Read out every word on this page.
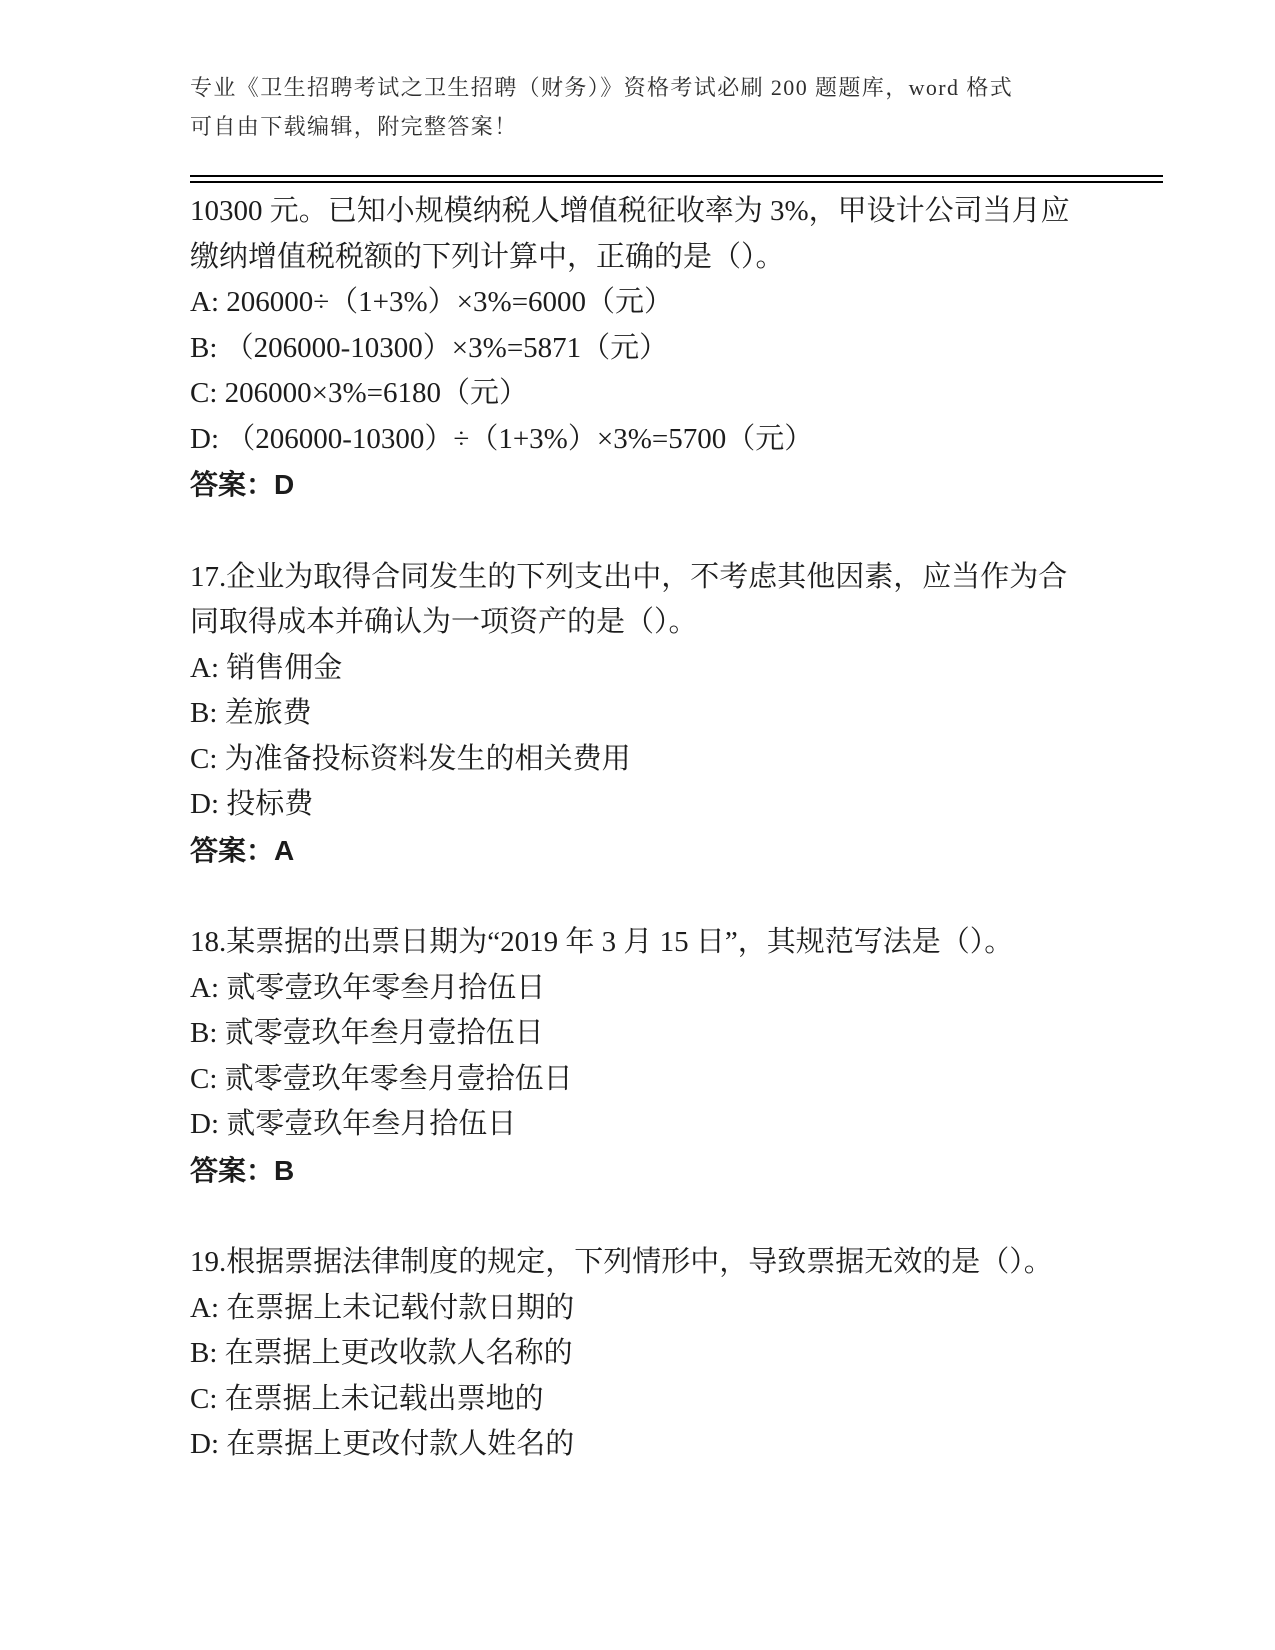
专业《卫生招聘考试之卫生招聘（财务）》资格考试必刷 200 题题库，word 格式
可自由下载编辑，附完整答案！
10300 元。已知小规模纳税人增值税征收率为 3%，甲设计公司当月应
缴纳增值税税额的下列计算中，正确的是（）。
A: 206000÷（1+3%）×3%=6000（元）
B: （206000-10300）×3%=5871（元）
C: 206000×3%=6180（元）
D: （206000-10300）÷（1+3%）×3%=5700（元）
答案：D
17.企业为取得合同发生的下列支出中，不考虑其他因素，应当作为合
同取得成本并确认为一项资产的是（）。
A: 销售佣金
B: 差旅费
C: 为准备投标资料发生的相关费用
D: 投标费
答案：A
18.某票据的出票日期为“2019 年 3 月 15 日”，其规范写法是（）。
A: 贰零壹玖年零叁月拾伍日
B: 贰零壹玖年叁月壹拾伍日
C: 贰零壹玖年零叁月壹拾伍日
D: 贰零壹玖年叁月拾伍日
答案：B
19.根据票据法律制度的规定，下列情形中，导致票据无效的是（）。
A: 在票据上未记载付款日期的
B: 在票据上更改收款人名称的
C: 在票据上未记载出票地的
D: 在票据上更改付款人姓名的
